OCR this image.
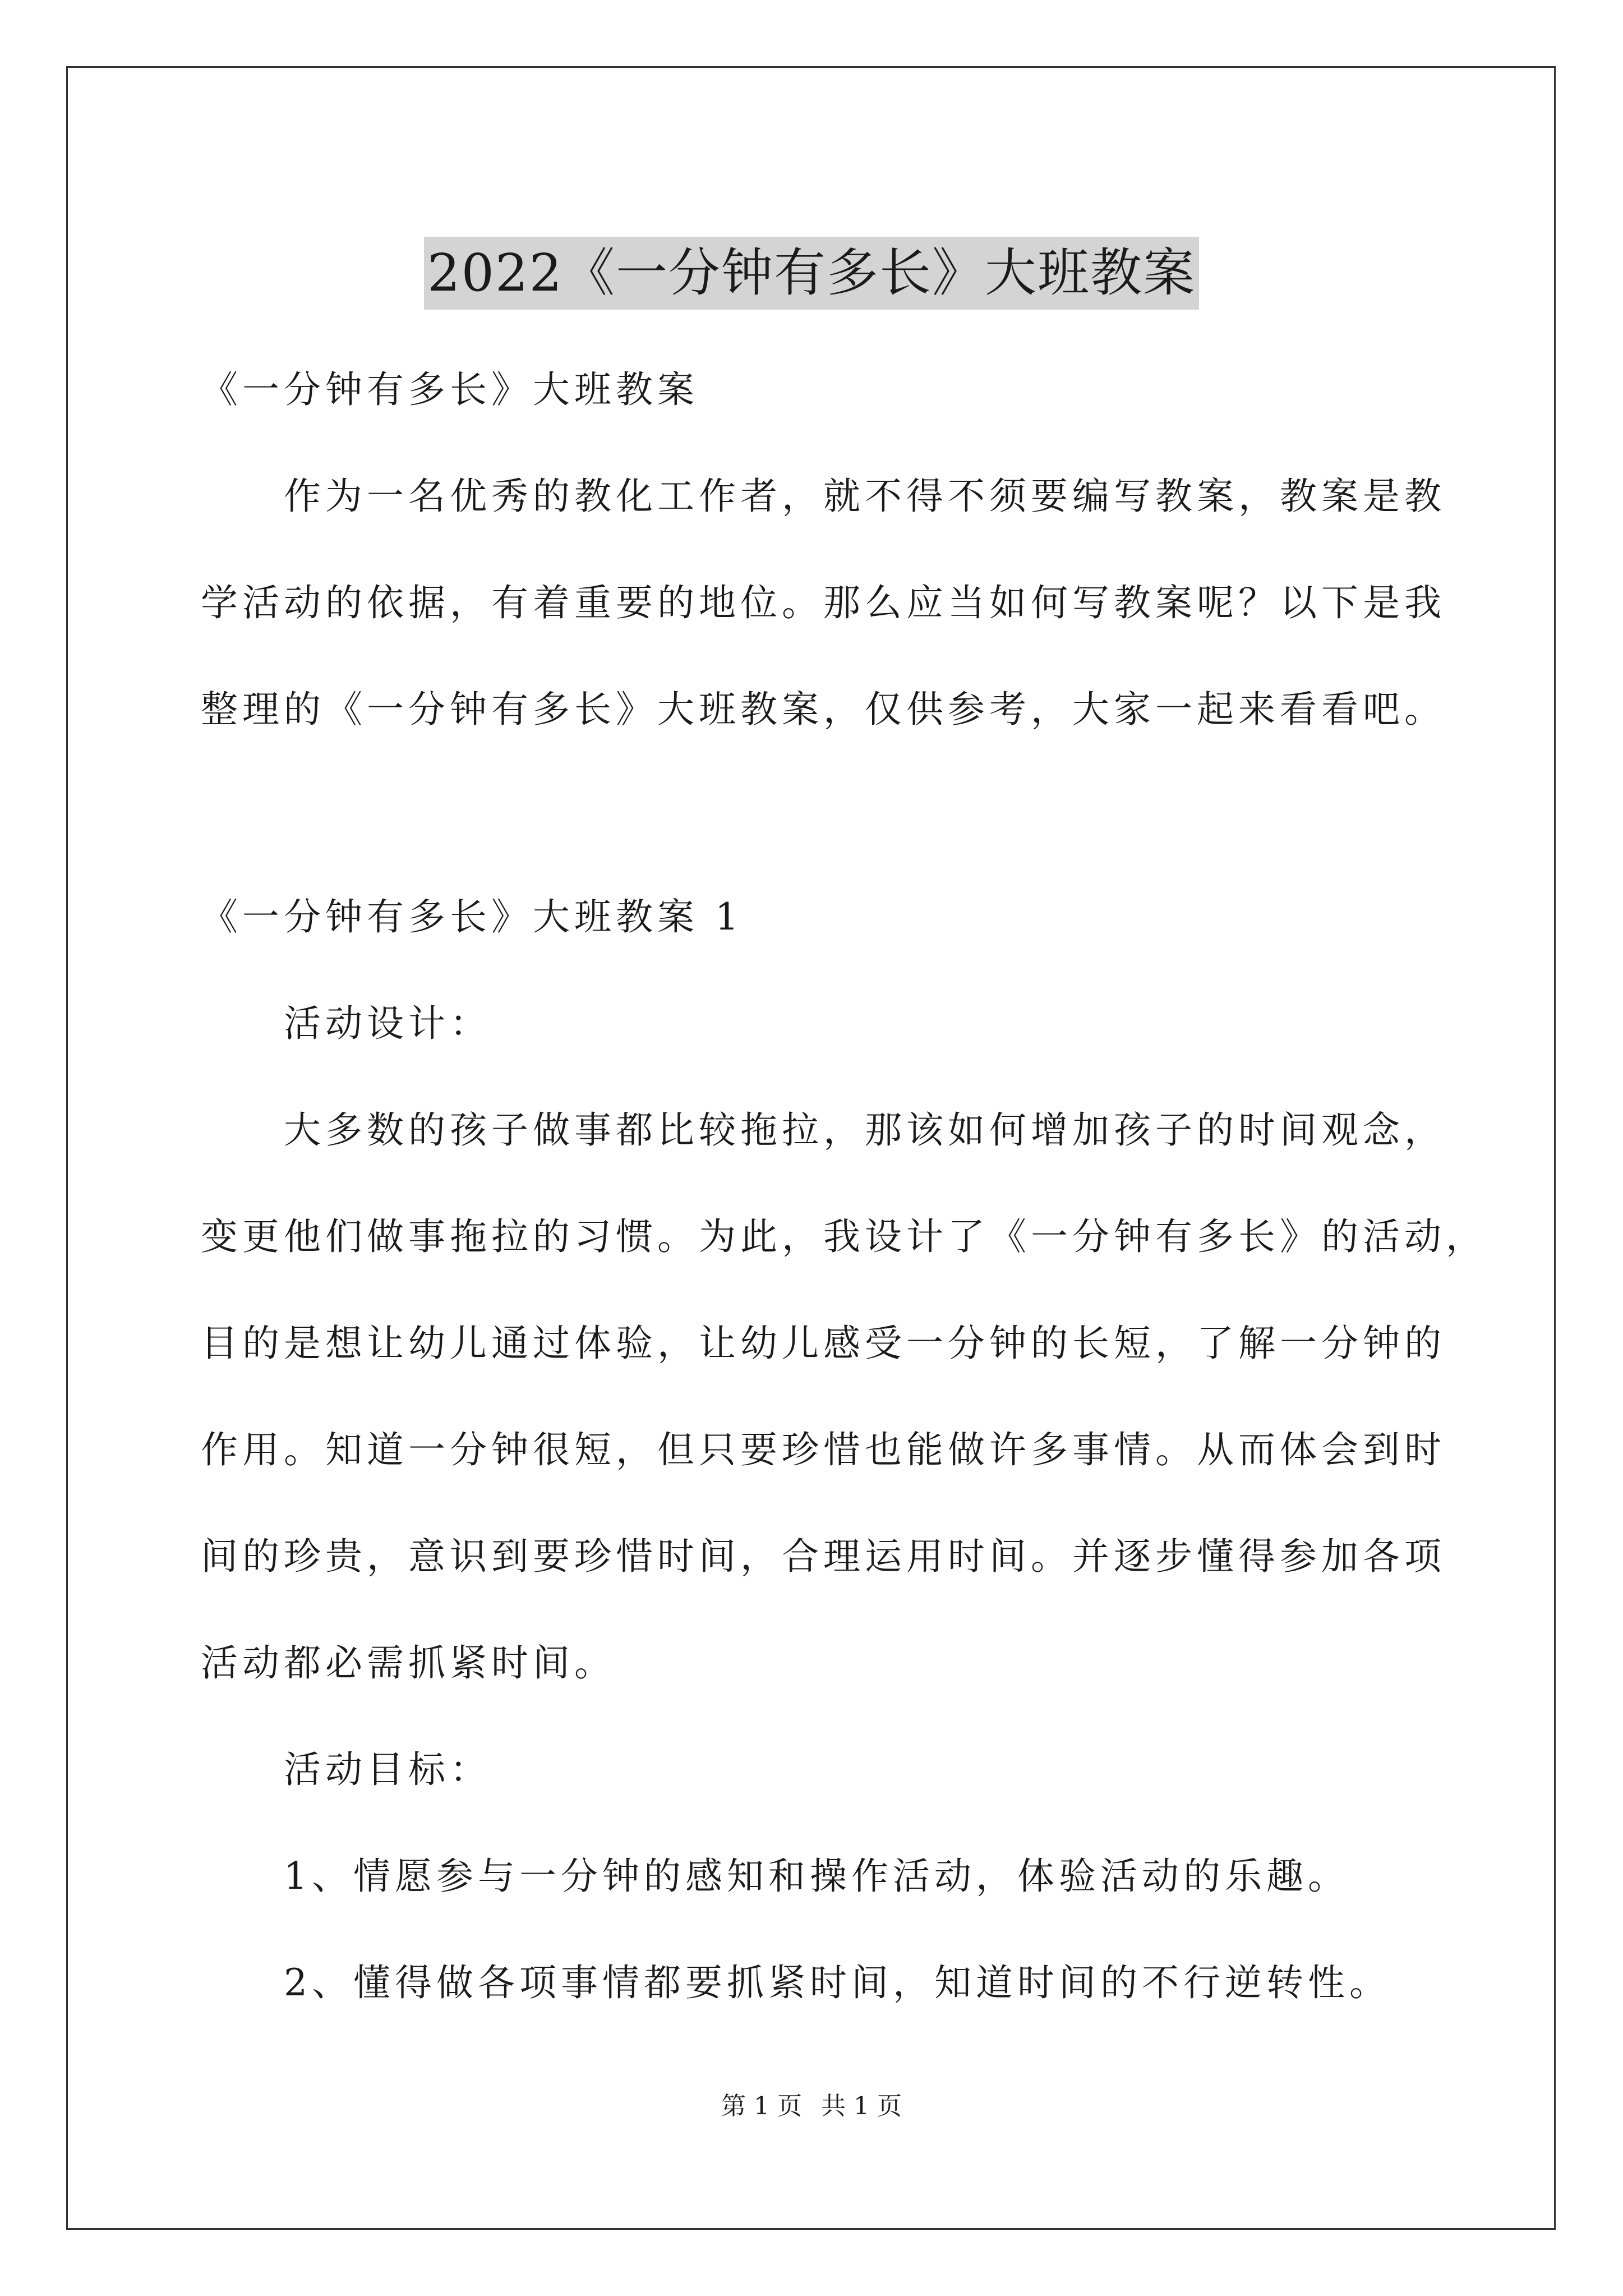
2022《一分钟有多长》大班教案

《一分钟有多长》大班教案

　　作为一名优秀的教化工作者，就不得不须要编写教案，教案是教
学活动的依据，有着重要的地位。那么应当如何写教案呢？以下是我
整理的《一分钟有多长》大班教案，仅供参考，大家一起来看看吧。

《一分钟有多长》大班教案 1

　　活动设计：

　　大多数的孩子做事都比较拖拉，那该如何增加孩子的时间观念，
变更他们做事拖拉的习惯。为此，我设计了《一分钟有多长》的活动，
目的是想让幼儿通过体验，让幼儿感受一分钟的长短，了解一分钟的
作用。知道一分钟很短，但只要珍惜也能做许多事情。从而体会到时
间的珍贵，意识到要珍惜时间，合理运用时间。并逐步懂得参加各项
活动都必需抓紧时间。

　　活动目标：

　　1、情愿参与一分钟的感知和操作活动，体验活动的乐趣。
　　2、懂得做各项事情都要抓紧时间，知道时间的不行逆转性。
第 1 页 共 1 页
